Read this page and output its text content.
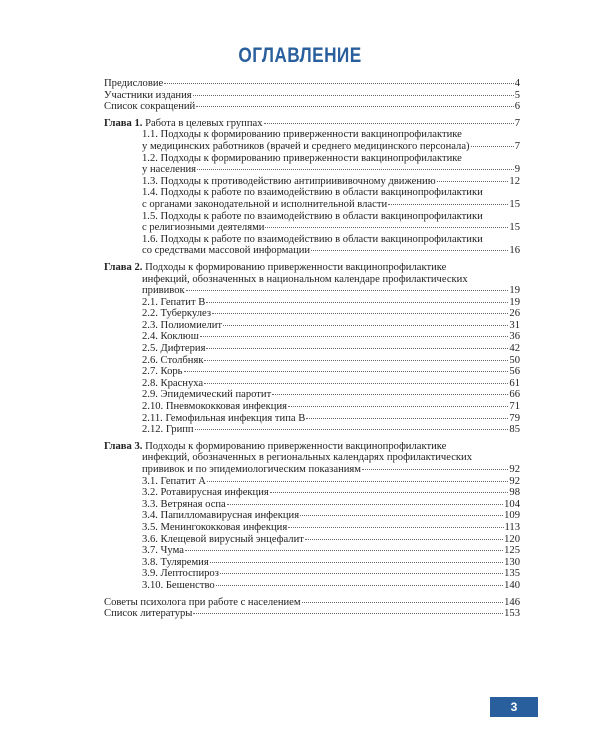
ОГЛАВЛЕНИЕ
Предисловие	4
Участники издания	5
Список сокращений	6
Глава 1.
Работа в целевых группах	7
1.1. Подходы к формированию приверженности вакцинопрофилактике
у медицинских работников (врачей и среднего медицинского персонала)	7
1.2. Подходы к формированию приверженности вакцинопрофилактике
у населения	9
1.3. Подходы к противодействию антиприививочному движению	12
1.4. Подходы к работе по взаимодействию в области вакцинопрофилактики
с органами законодательной и исполнительной власти	15
1.5. Подходы к работе по взаимодействию в области вакцинопрофилактики
с религиозными деятелями	15
1.6. Подходы к работе по взаимодействию в области вакцинопрофилактики
со средствами массовой информации	16
Глава 2. Подходы к формированию приверженности вакцинопрофилактике
инфекций, обозначенных в национальном календаре профилактических
прививок	19
2.1. Гепатит В	19
2.2. Туберкулез	26
2.3. Полиомиелит	31
2.4. Коклюш	36
2.5. Дифтерия	42
2.6. Столбняк	50
2.7. Корь	56
2.8. Краснуха	61
2.9. Эпидемический паротит	66
2.10. Пневмококковая инфекция	71
2.11. Гемофильная инфекция типа В	79
2.12. Грипп	85
Глава 3. Подходы к формированию приверженности вакцинопрофилактике
инфекций, обозначенных в региональных календарях профилактических
прививок и по эпидемиологическим показаниям	92
3.1. Гепатит А	92
3.2. Ротавирусная инфекция	98
3.3. Ветряная оспа	104
3.4. Папилломавирусная инфекция	109
3.5. Менингококковая инфекция	113
3.6. Клещевой вирусный энцефалит	120
3.7. Чума	125
3.8. Туляремия	130
3.9. Лептоспироз	135
3.10. Бешенство	140
Советы психолога при работе с населением	146
Список литературы	153
3
